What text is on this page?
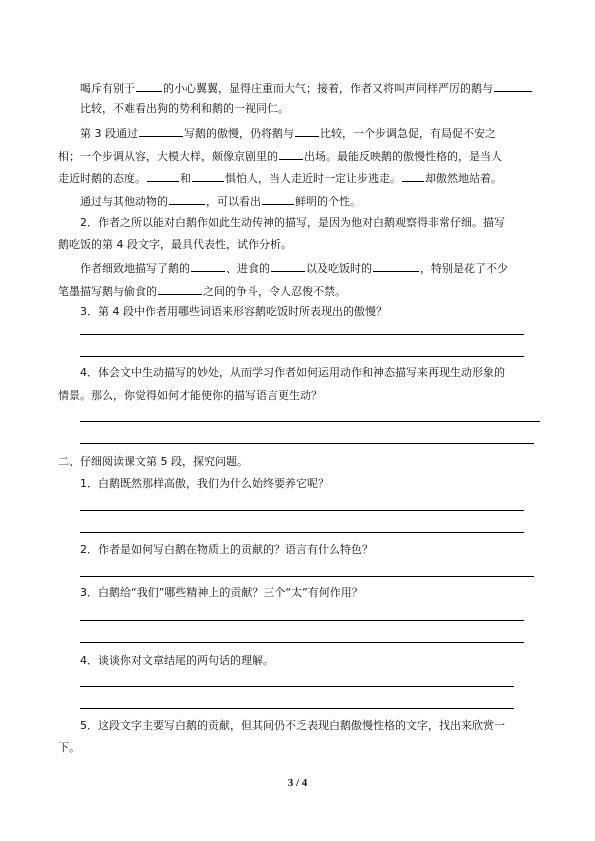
喝斥有别于	的小心翼翼，显得庄重而大气；接着，作者又将叫声同样严厉的鹅与
比较，不难看出狗的势利和鹅的一视同仁。
第 3 段通过	写鹅的傲慢，仍将鹅与 比较，一个步调急促，有局促不安之
相；一个步调从容，大模大样，颇像京剧里的 出场。最能反映鹅的傲慢性格的，是当人
走近时鹅的态度。	和	惧怕人，当人走近时一定让步逃走。 却傲然地站着。
通过与其他动物的	，可以看出	鲜明的个性。
2．作者之所以能对白鹅作如此生动传神的描写，是因为他对白鹅观察得非常仔细。描写
鹅吃饭的第 4 段文字，最具代表性，试作分析。
作者细致地描写了鹅的	、进食的	以及吃饭时的	，特别是花了不少
笔墨描写鹅与偷食的	之间的争斗，令人忍俊不禁。
3．第 4 段中作者用哪些词语来形容鹅吃饭时所表现出的傲慢？
4．体会文中生动描写的妙处，从而学习作者如何运用动作和神态描写来再现生动形象的
情景。那么，你觉得如何才能使你的描写语言更生动？
二、仔细阅读课文第 5 段，探究问题。
1．白鹅既然那样高傲，我们为什么始终要养它呢？
2．作者是如何写白鹅在物质上的贡献的？语言有什么特色？
3．白鹅给“我们”哪些精神上的贡献？三个“太”有何作用？
4．谈谈你对文章结尾的两句话的理解。
5．这段文字主要写白鹅的贡献，但其间仍不乏表现白鹅傲慢性格的文字，找出来欣赏一
下。
3 / 4
